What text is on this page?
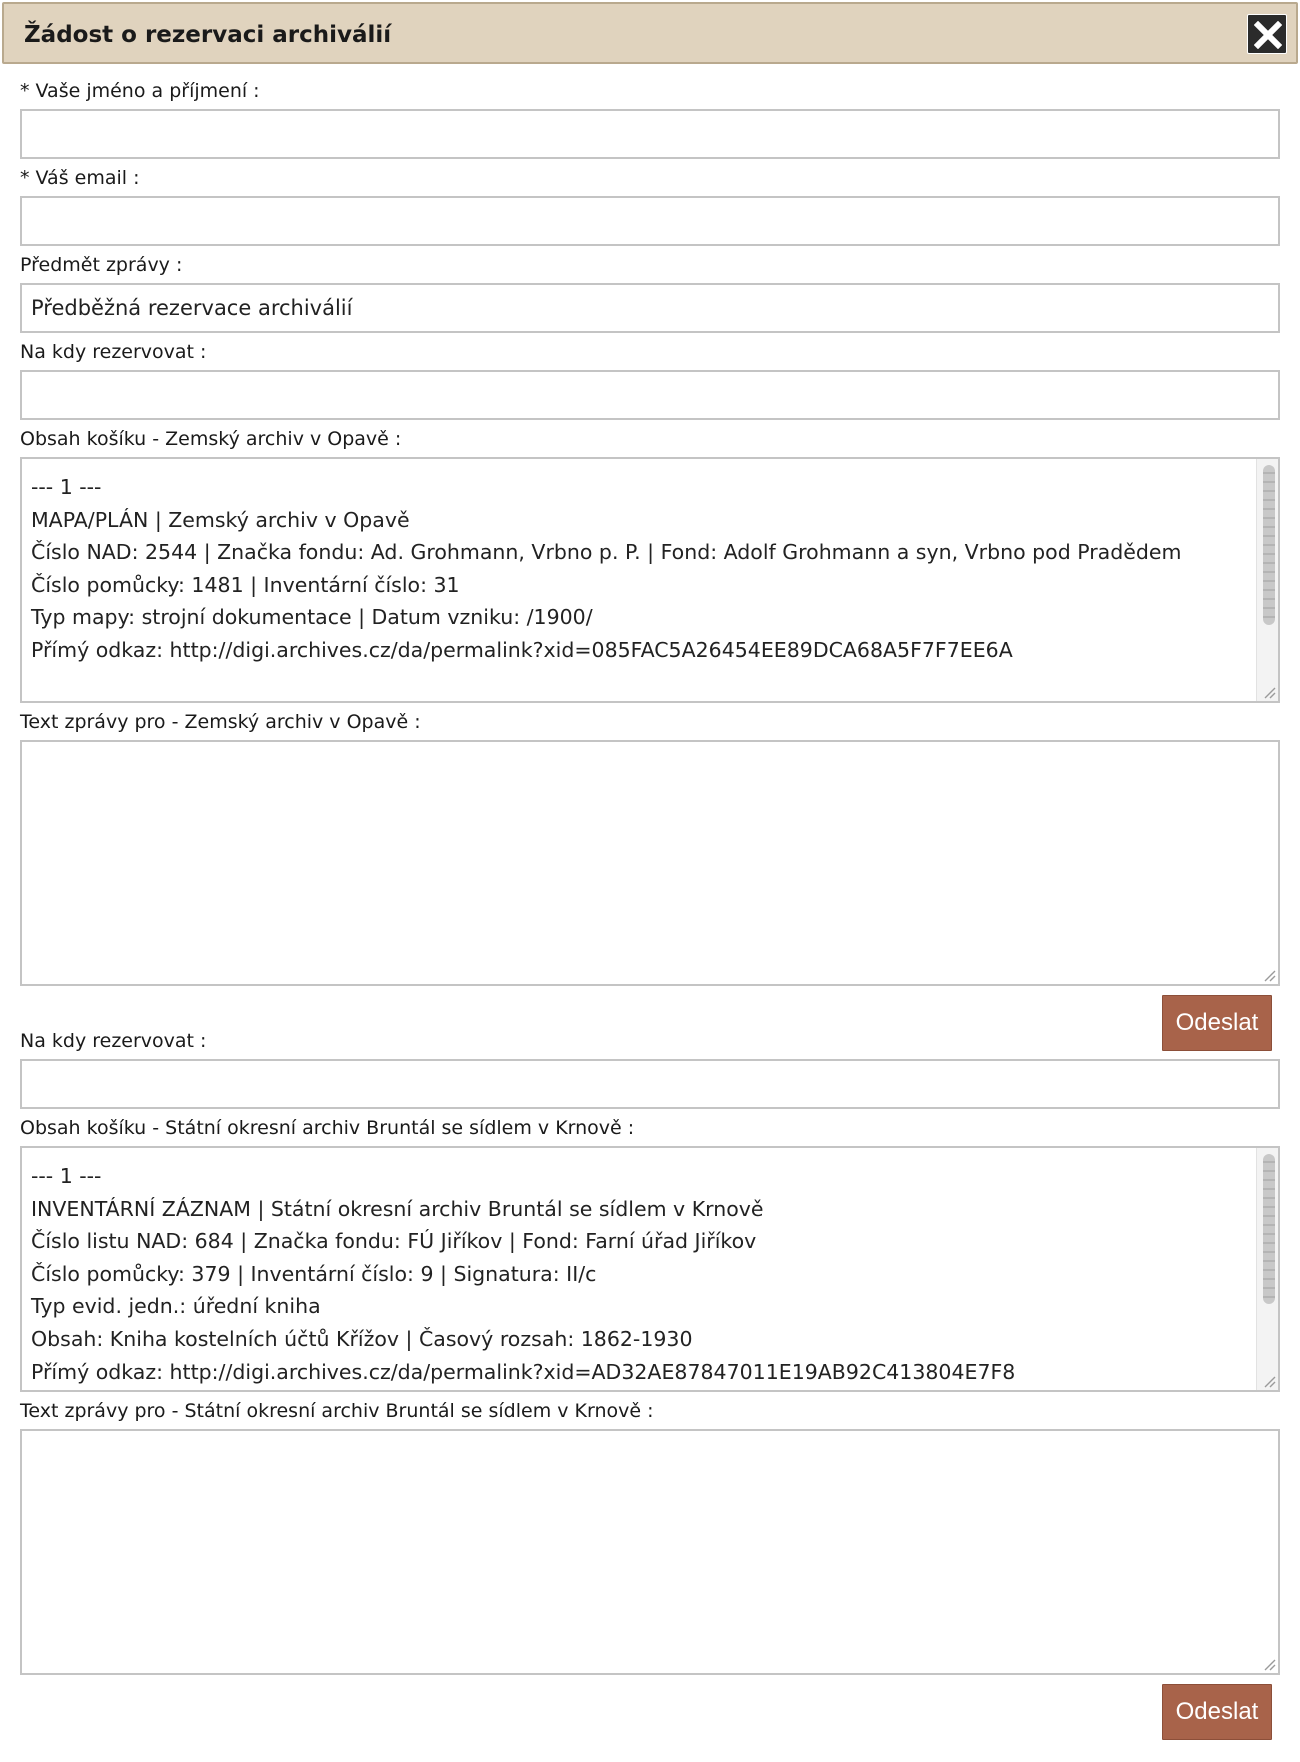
Žádost o rezervaci archiválií
* Vaše jméno a příjmení :
* Váš email :
Předmět zprávy :
Předběžná rezervace archiválií
Na kdy rezervovat :
Obsah košíku - Zemský archiv v Opavě :
--- 1 ---
MAPA/PLÁN | Zemský archiv v Opavě
Číslo NAD: 2544 | Značka fondu: Ad. Grohmann, Vrbno p. P. | Fond: Adolf Grohmann a syn, Vrbno pod Pradědem
Číslo pomůcky: 1481 | Inventární číslo: 31
Typ mapy: strojní dokumentace | Datum vzniku: /1900/
Přímý odkaz: http://digi.archives.cz/da/permalink?xid=085FAC5A26454EE89DCA68A5F7F7EE6A
Text zprávy pro - Zemský archiv v Opavě :
Odeslat
Na kdy rezervovat :
Obsah košíku - Státní okresní archiv Bruntál se sídlem v Krnově :
--- 1 ---
INVENTÁRNÍ ZÁZNAM | Státní okresní archiv Bruntál se sídlem v Krnově
Číslo listu NAD: 684 | Značka fondu: FÚ Jiříkov | Fond: Farní úřad Jiříkov
Číslo pomůcky: 379 | Inventární číslo: 9 | Signatura: II/c
Typ evid. jedn.: úřední kniha
Obsah: Kniha kostelních účtů Křížov | Časový rozsah: 1862-1930
Přímý odkaz: http://digi.archives.cz/da/permalink?xid=AD32AE87847011E19AB92C413804E7F8
Text zprávy pro - Státní okresní archiv Bruntál se sídlem v Krnově :
Odeslat
